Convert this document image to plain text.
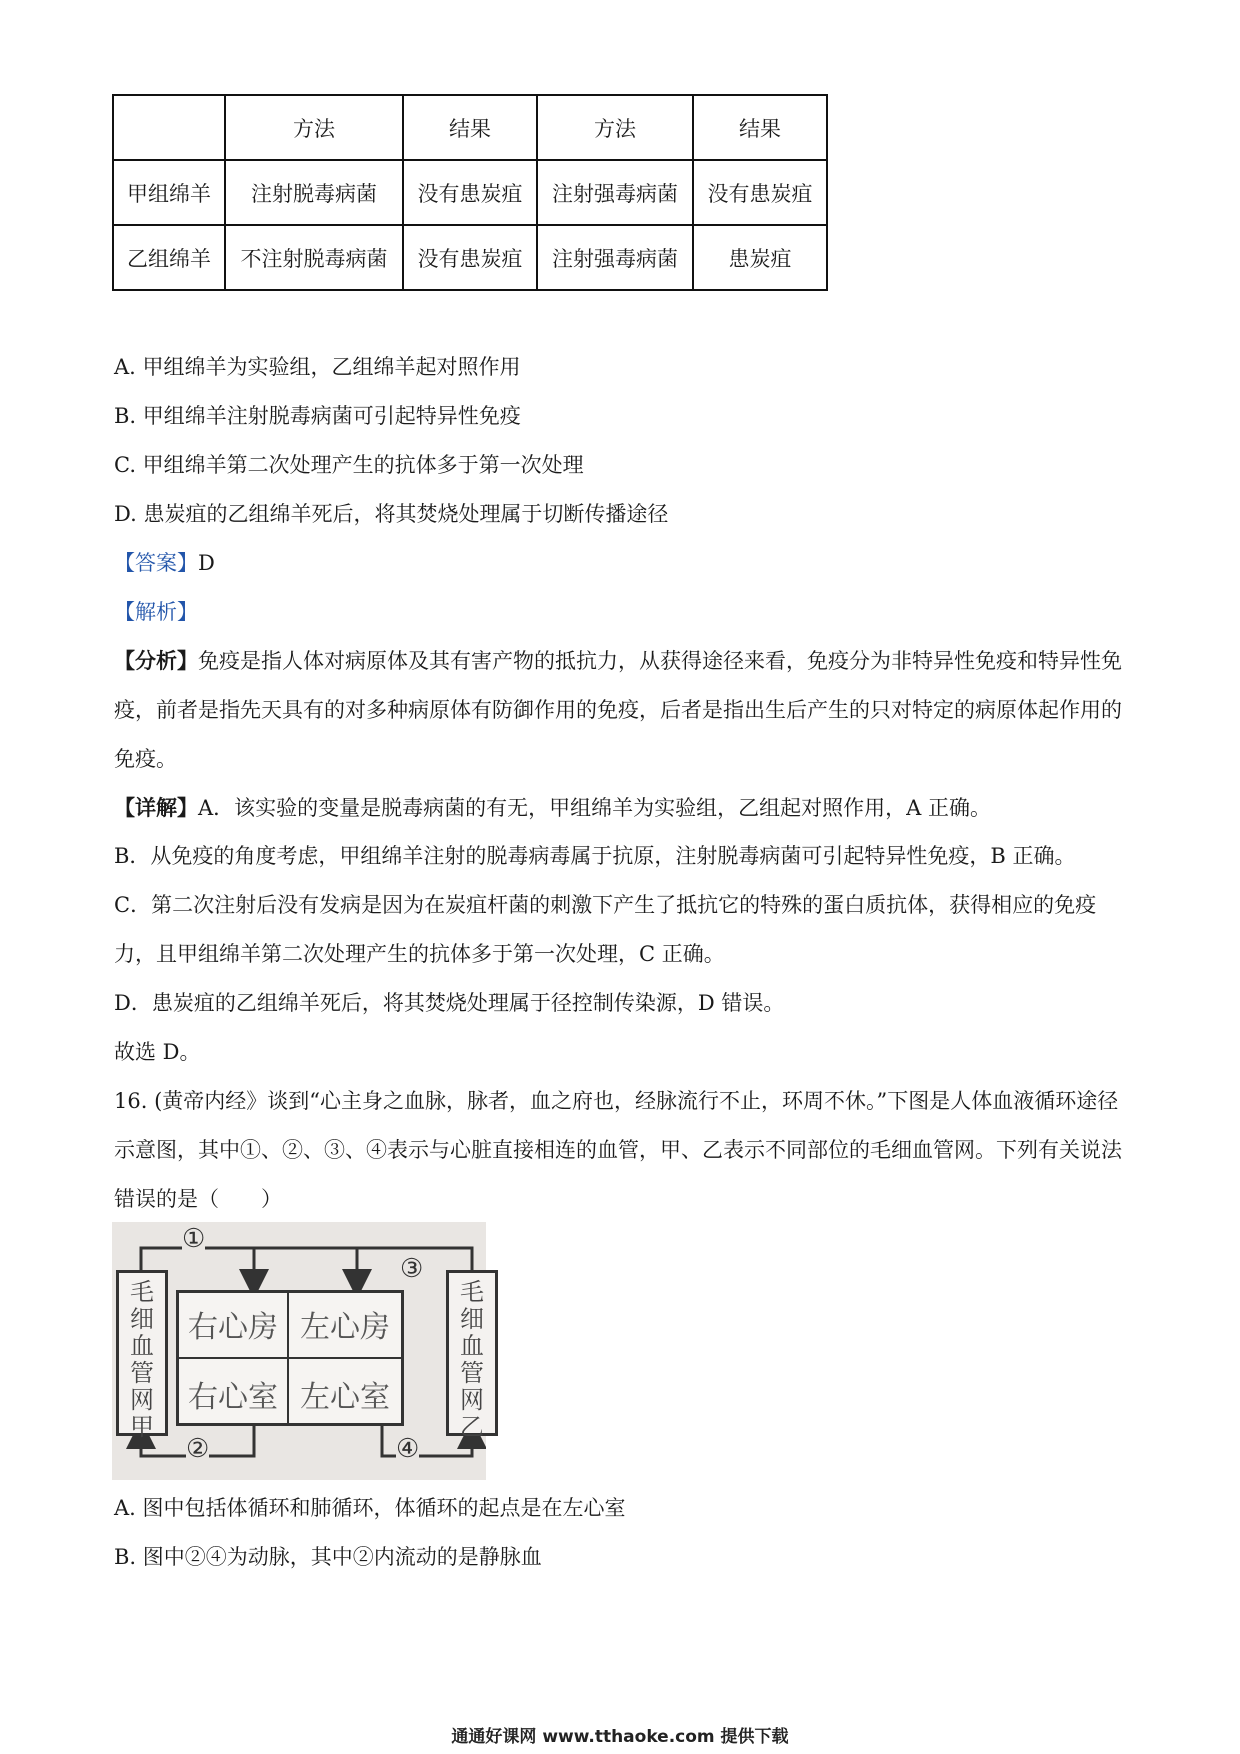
	方法	结果	方法	结果
甲组绵羊	注射脱毒病菌	没有患炭疽	注射强毒病菌	没有患炭疽
乙组绵羊	不注射脱毒病菌	没有患炭疽	注射强毒病菌	患炭疽
A. 甲组绵羊为实验组，乙组绵羊起对照作用
B. 甲组绵羊注射脱毒病菌可引起特异性免疫
C. 甲组绵羊第二次处理产生的抗体多于第一次处理
D. 患炭疽的乙组绵羊死后，将其焚烧处理属于切断传播途径
【答案】D
【解析】
【分析】免疫是指人体对病原体及其有害产物的抵抗力，从获得途径来看，免疫分为非特异性免疫和特异性免疫，前者是指先天具有的对多种病原体有防御作用的免疫，后者是指出生后产生的只对特定的病原体起作用的免疫。
【详解】A．该实验的变量是脱毒病菌的有无，甲组绵羊为实验组，乙组起对照作用，A 正确。
B．从免疫的角度考虑，甲组绵羊注射的脱毒病毒属于抗原，注射脱毒病菌可引起特异性免疫，B 正确。
C．第二次注射后没有发病是因为在炭疽杆菌的刺激下产生了抵抗它的特殊的蛋白质抗体，获得相应的免疫力，且甲组绵羊第二次处理产生的抗体多于第一次处理，C 正确。
D．患炭疽的乙组绵羊死后，将其焚烧处理属于径控制传染源，D 错误。
故选 D。
16. (黄帝内经》谈到“心主身之血脉，脉者，血之府也，经脉流行不止，环周不休。”下图是人体血液循环途径示意图，其中①、②、③、④表示与心脏直接相连的血管，甲、乙表示不同部位的毛细血管网。下列有关说法错误的是（　　）
毛细血管网甲
毛细血管网乙
右心房 左心房
右心室 左心室
①
②
③
④
A. 图中包括体循环和肺循环，体循环的起点是在左心室
B. 图中②④为动脉，其中②内流动的是静脉血
通通好课网 www.tthaoke.com 提供下载
